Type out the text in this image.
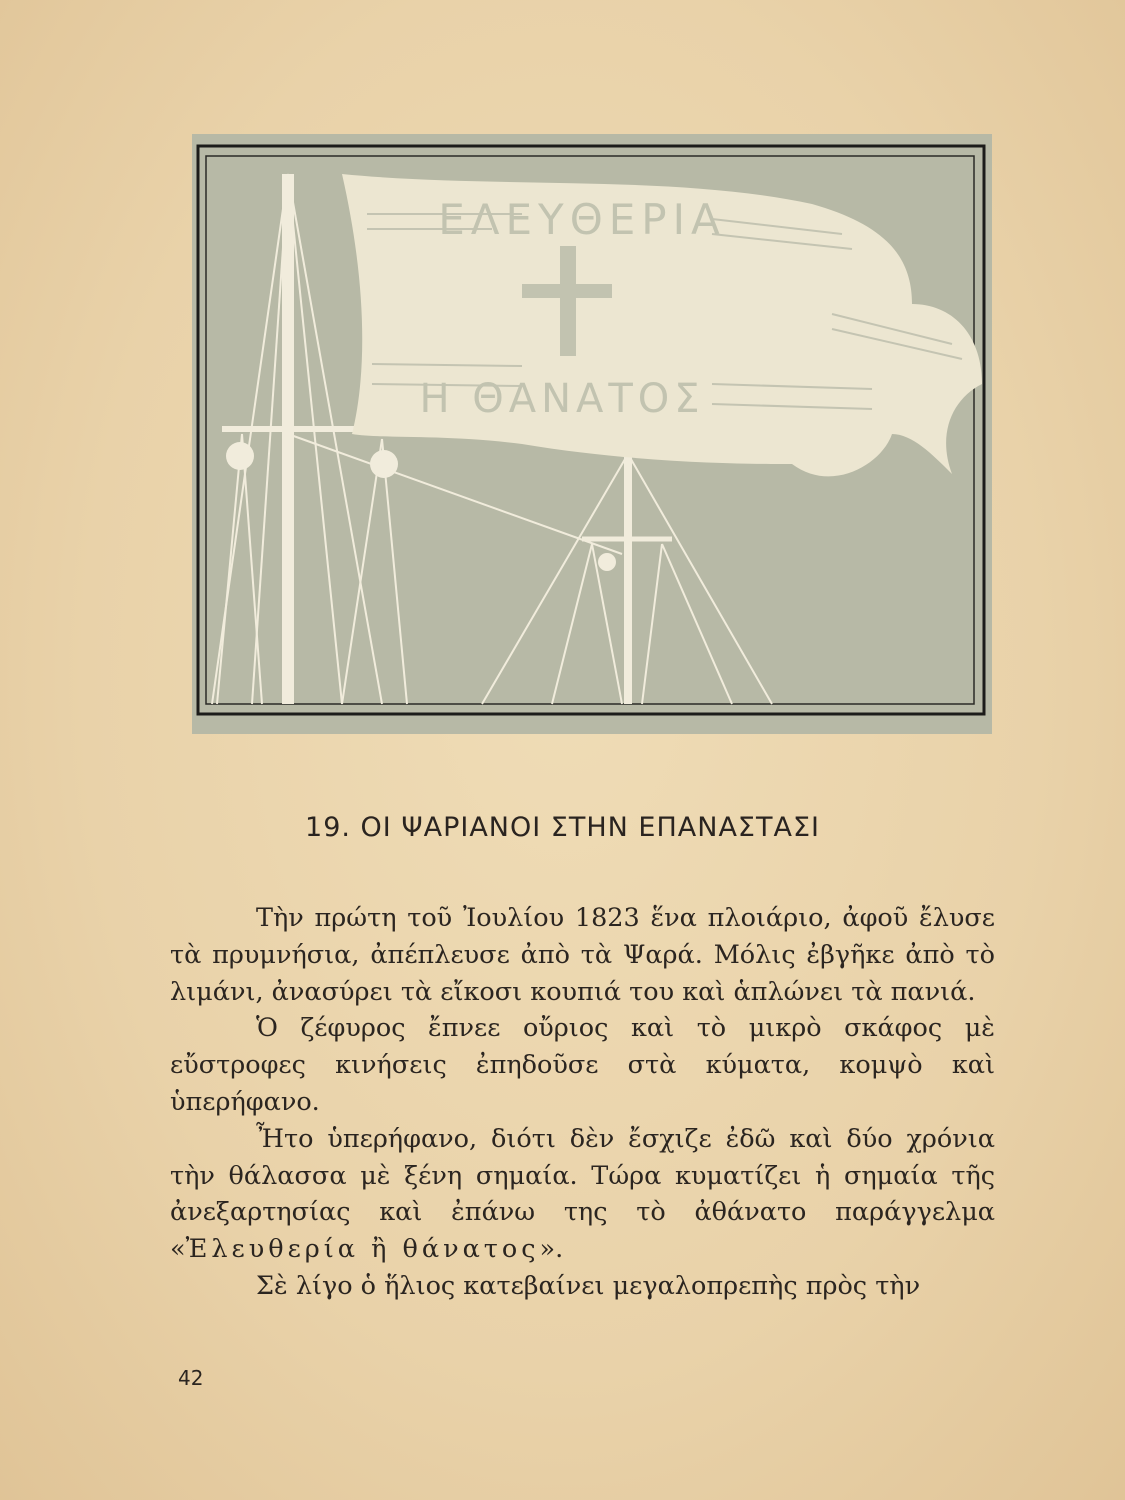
ΕΛΕΥΘΕΡΙΑ
Η ΘΑΝΑΤΟΣ
19. ΟΙ ΨΑΡΙΑΝΟΙ ΣΤΗΝ ΕΠΑΝΑΣΤΑΣΙ

Τὴν πρώτη τοῦ Ἰουλίου 1823 ἕνα πλοιάριο, ἀφοῦ ἔλυσε τὰ πρυμνήσια, ἀπέπλευσε ἀπὸ τὰ Ψαρά. Μόλις ἐβγῆκε ἀπὸ τὸ λιμάνι, ἀνασύρει τὰ εἴκοσι κουπιά του καὶ ἁπλώνει τὰ πανιά.

Ὁ ζέφυρος ἔπνεε οὔριος καὶ τὸ μικρὸ σκάφος μὲ εὔστροφες κινήσεις ἐπηδοῦσε στὰ κύματα, κομψὸ καὶ ὑπερήφανο.

Ἦτο ὑπερήφανο, διότι δὲν ἔσχιζε ἐδῶ καὶ δύο χρόνια τὴν θάλασσα μὲ ξένη σημαία. Τώρα κυματίζει ἡ σημαία τῆς ἀνεξαρτησίας καὶ ἐπάνω της τὸ ἀθάνατο παράγγελμα «Ἐλευθερία ἢ θάνατος».

Σὲ λίγο ὁ ἥλιος κατεβαίνει μεγαλοπρεπὴς πρὸς τὴν

42
